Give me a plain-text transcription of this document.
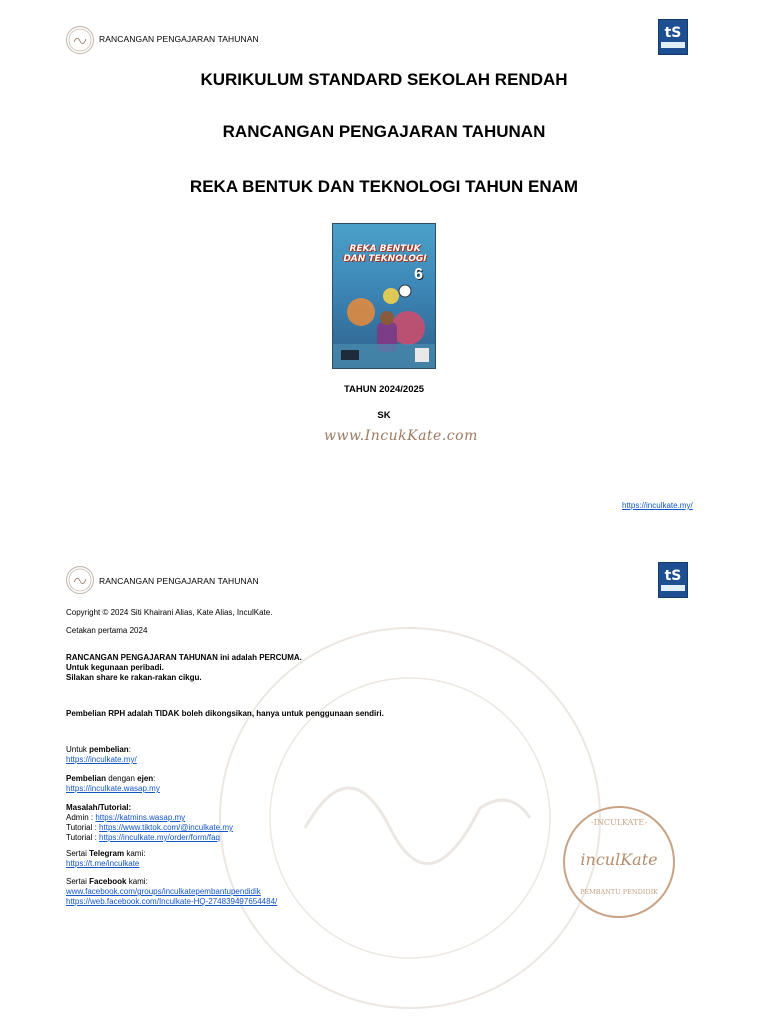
RANCANGAN PENGAJARAN TAHUNAN	tS
KURIKULUM STANDARD SEKOLAH RENDAH
RANCANGAN PENGAJARAN TAHUNAN
REKA BENTUK DAN TEKNOLOGI TAHUN ENAM
REKA BENTUK DAN TEKNOLOGI
6
TAHUN 2024/2025
SK
www.IncukKate.com
https://inculkate.my/
RANCANGAN PENGAJARAN TAHUNAN	tS
Copyright © 2024 Siti Khairani Alias, Kate Alias, InculKate.
Cetakan pertama 2024
RANCANGAN PENGAJARAN TAHUNAN ini adalah PERCUMA.
Untuk kegunaan peribadi.
Silakan share ke rakan-rakan cikgu.
Pembelian RPH adalah TIDAK boleh dikongsikan, hanya untuk penggunaan sendiri.
Untuk pembelian:
https://inculkate.my/
Pembelian dengan ejen:
https://inculkate.wasap.my
Masalah/Tutorial:
Admin : https://katmins.wasap.my
Tutorial : https://www.tiktok.com/@inculkate.my
Tutorial : https://inculkate.my/order/form/faq
Sertai Telegram kami:
https://t.me/inculkate
Sertai Facebook kami:
www.facebook.com/groups/inculkatepembantupendidik
https://web.facebook.com/Inculkate-HQ-274839497654484/
-INCULKATE-
inculKate
PEMBANTU PENDIDIK
